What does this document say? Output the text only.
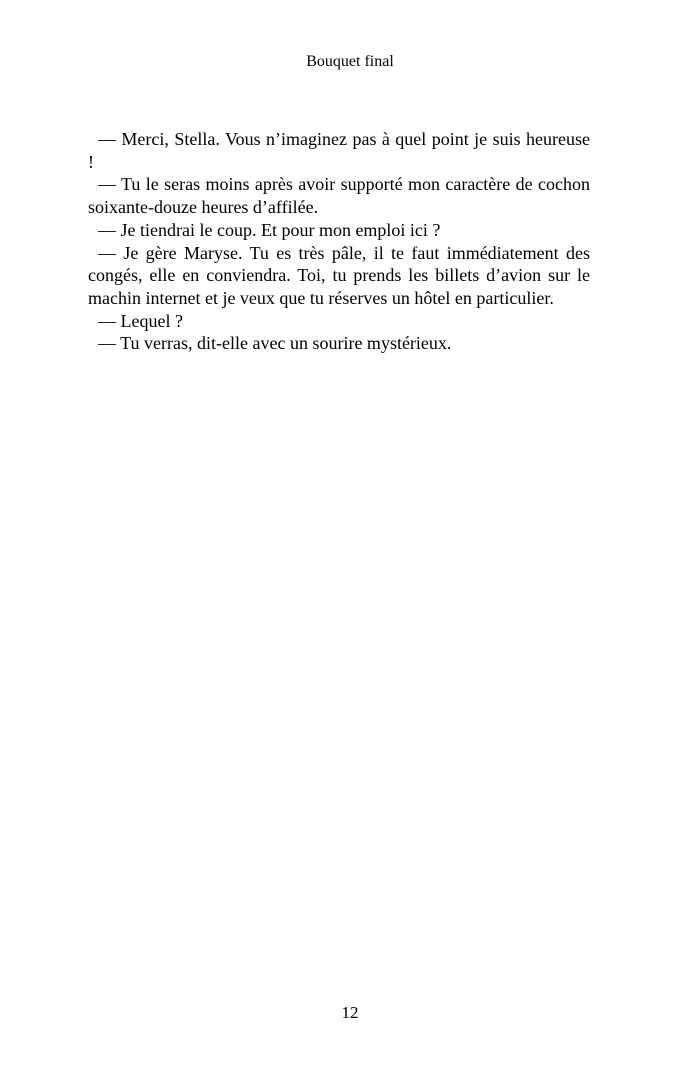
Bouquet final

— Merci, Stella. Vous n’imaginez pas à quel point je suis heureuse !

— Tu le seras moins après avoir supporté mon caractère de cochon soixante-douze heures d’affilée.

— Je tiendrai le coup. Et pour mon emploi ici ?

— Je gère Maryse. Tu es très pâle, il te faut immédiatement des congés, elle en conviendra. Toi, tu prends les billets d’avion sur le machin internet et je veux que tu réserves un hôtel en particulier.

— Lequel ?

— Tu verras, dit-elle avec un sourire mystérieux.

12
